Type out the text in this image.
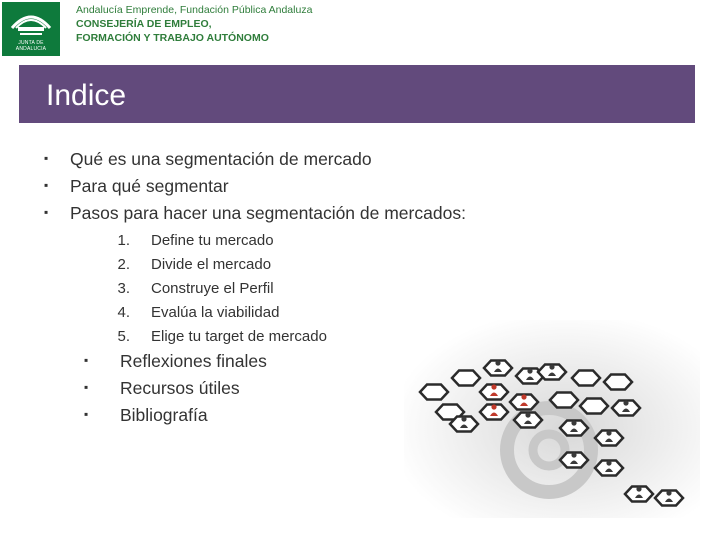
JUNTA DE ANDALUCIA
Andalucía Emprende, Fundación Pública Andaluza
CONSEJERÍA DE EMPLEO,
FORMACIÓN Y TRABAJO AUTÓNOMO
Indice
▪ Qué es una segmentación de mercado
▪ Para qué segmentar
▪ Pasos para hacer una segmentación de mercados:
1. Define tu mercado
2. Divide el mercado
3. Construye el Perfil
4. Evalúa la viabilidad
5. Elige tu target de mercado
▪ Reflexiones finales
▪ Recursos útiles
▪ Bibliografía
